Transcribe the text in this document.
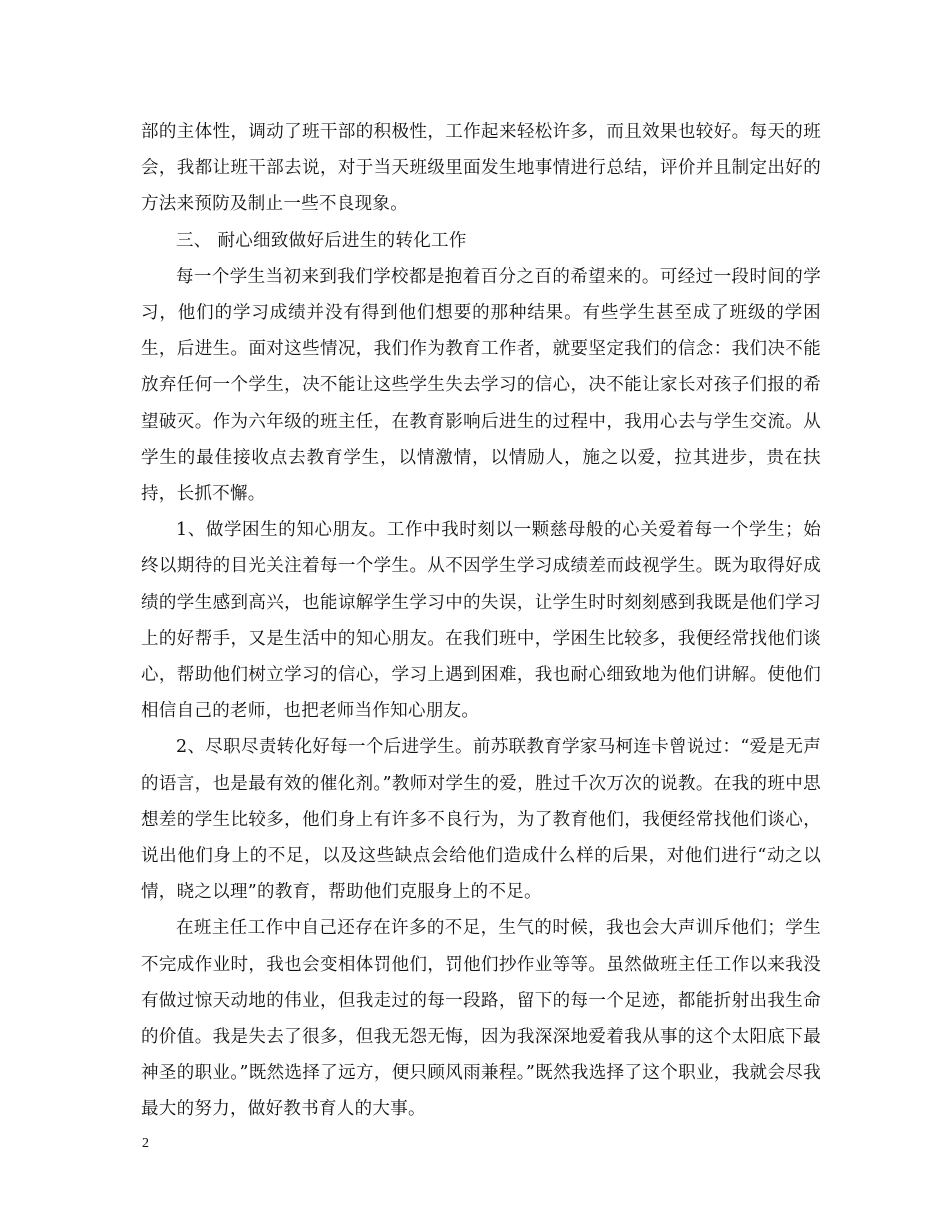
部的主体性，调动了班干部的积极性，工作起来轻松许多，而且效果也较好。每天的班会，我都让班干部去说，对于当天班级里面发生地事情进行总结，评价并且制定出好的方法来预防及制止一些不良现象。

三、 耐心细致做好后进生的转化工作

每一个学生当初来到我们学校都是抱着百分之百的希望来的。可经过一段时间的学习，他们的学习成绩并没有得到他们想要的那种结果。有些学生甚至成了班级的学困生，后进生。面对这些情况，我们作为教育工作者，就要坚定我们的信念：我们决不能放弃任何一个学生，决不能让这些学生失去学习的信心，决不能让家长对孩子们报的希望破灭。作为六年级的班主任，在教育影响后进生的过程中，我用心去与学生交流。从学生的最佳接收点去教育学生，以情激情，以情励人，施之以爱，拉其进步，贵在扶持，长抓不懈。

1、做学困生的知心朋友。工作中我时刻以一颗慈母般的心关爱着每一个学生；始终以期待的目光关注着每一个学生。从不因学生学习成绩差而歧视学生。既为取得好成绩的学生感到高兴，也能谅解学生学习中的失误，让学生时时刻刻感到我既是他们学习上的好帮手，又是生活中的知心朋友。在我们班中，学困生比较多，我便经常找他们谈心，帮助他们树立学习的信心，学习上遇到困难，我也耐心细致地为他们讲解。使他们相信自己的老师，也把老师当作知心朋友。

2、尽职尽责转化好每一个后进学生。前苏联教育学家马柯连卡曾说过：“爱是无声的语言，也是最有效的催化剂。”教师对学生的爱，胜过千次万次的说教。在我的班中思想差的学生比较多，他们身上有许多不良行为，为了教育他们，我便经常找他们谈心，说出他们身上的不足，以及这些缺点会给他们造成什么样的后果，对他们进行“动之以情，晓之以理”的教育，帮助他们克服身上的不足。

在班主任工作中自己还存在许多的不足，生气的时候，我也会大声训斥他们；学生不完成作业时，我也会变相体罚他们，罚他们抄作业等等。虽然做班主任工作以来我没有做过惊天动地的伟业，但我走过的每一段路，留下的每一个足迹，都能折射出我生命的价值。我是失去了很多，但我无怨无悔，因为我深深地爱着我从事的这个太阳底下最神圣的职业。”既然选择了远方，便只顾风雨兼程。”既然我选择了这个职业，我就会尽我最大的努力，做好教书育人的大事。

2
